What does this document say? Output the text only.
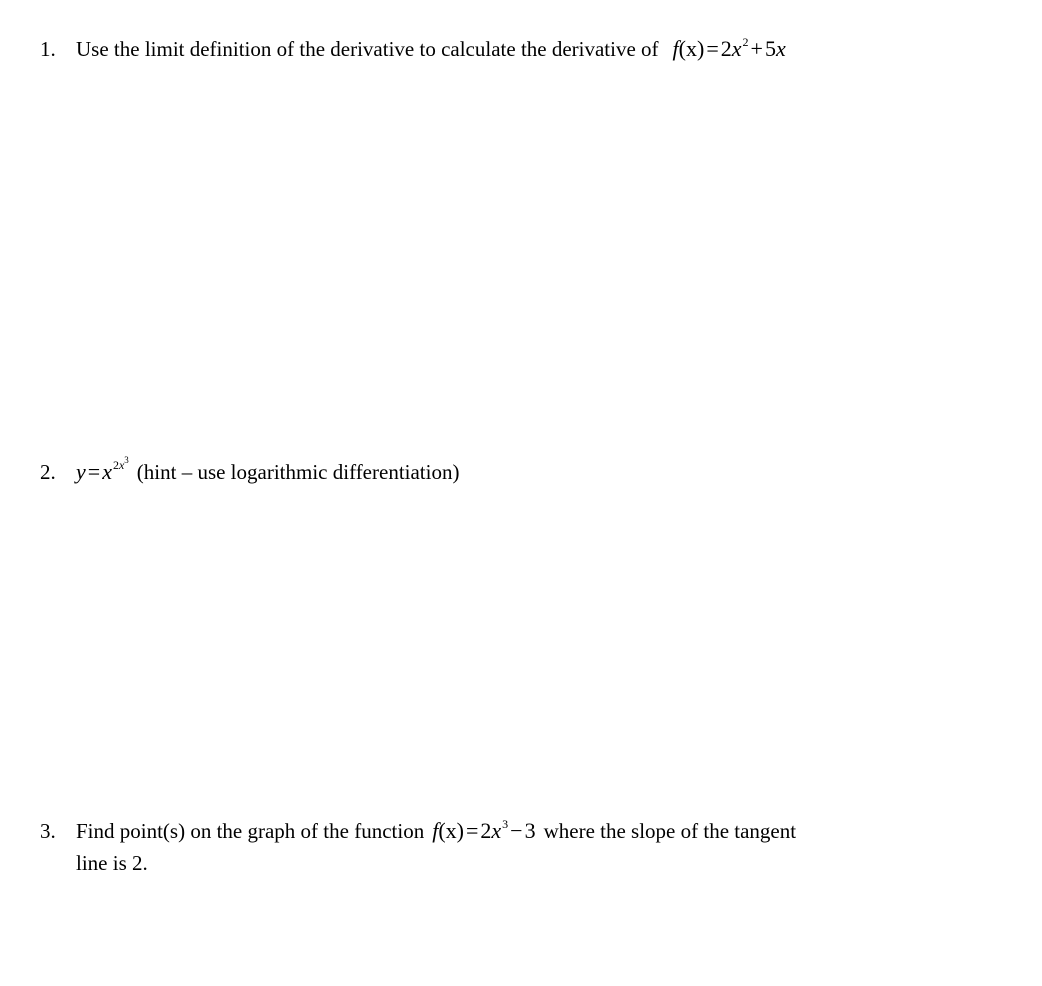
1. Use the limit definition of the derivative to calculate the derivative of $f(x)=2x^2+5x$
2. $y=x^{2x^3}$ (hint – use logarithmic differentiation)
3. Find point(s) on the graph of the function $f(x)=2x^3-3$ where the slope of the tangent
line is 2.
